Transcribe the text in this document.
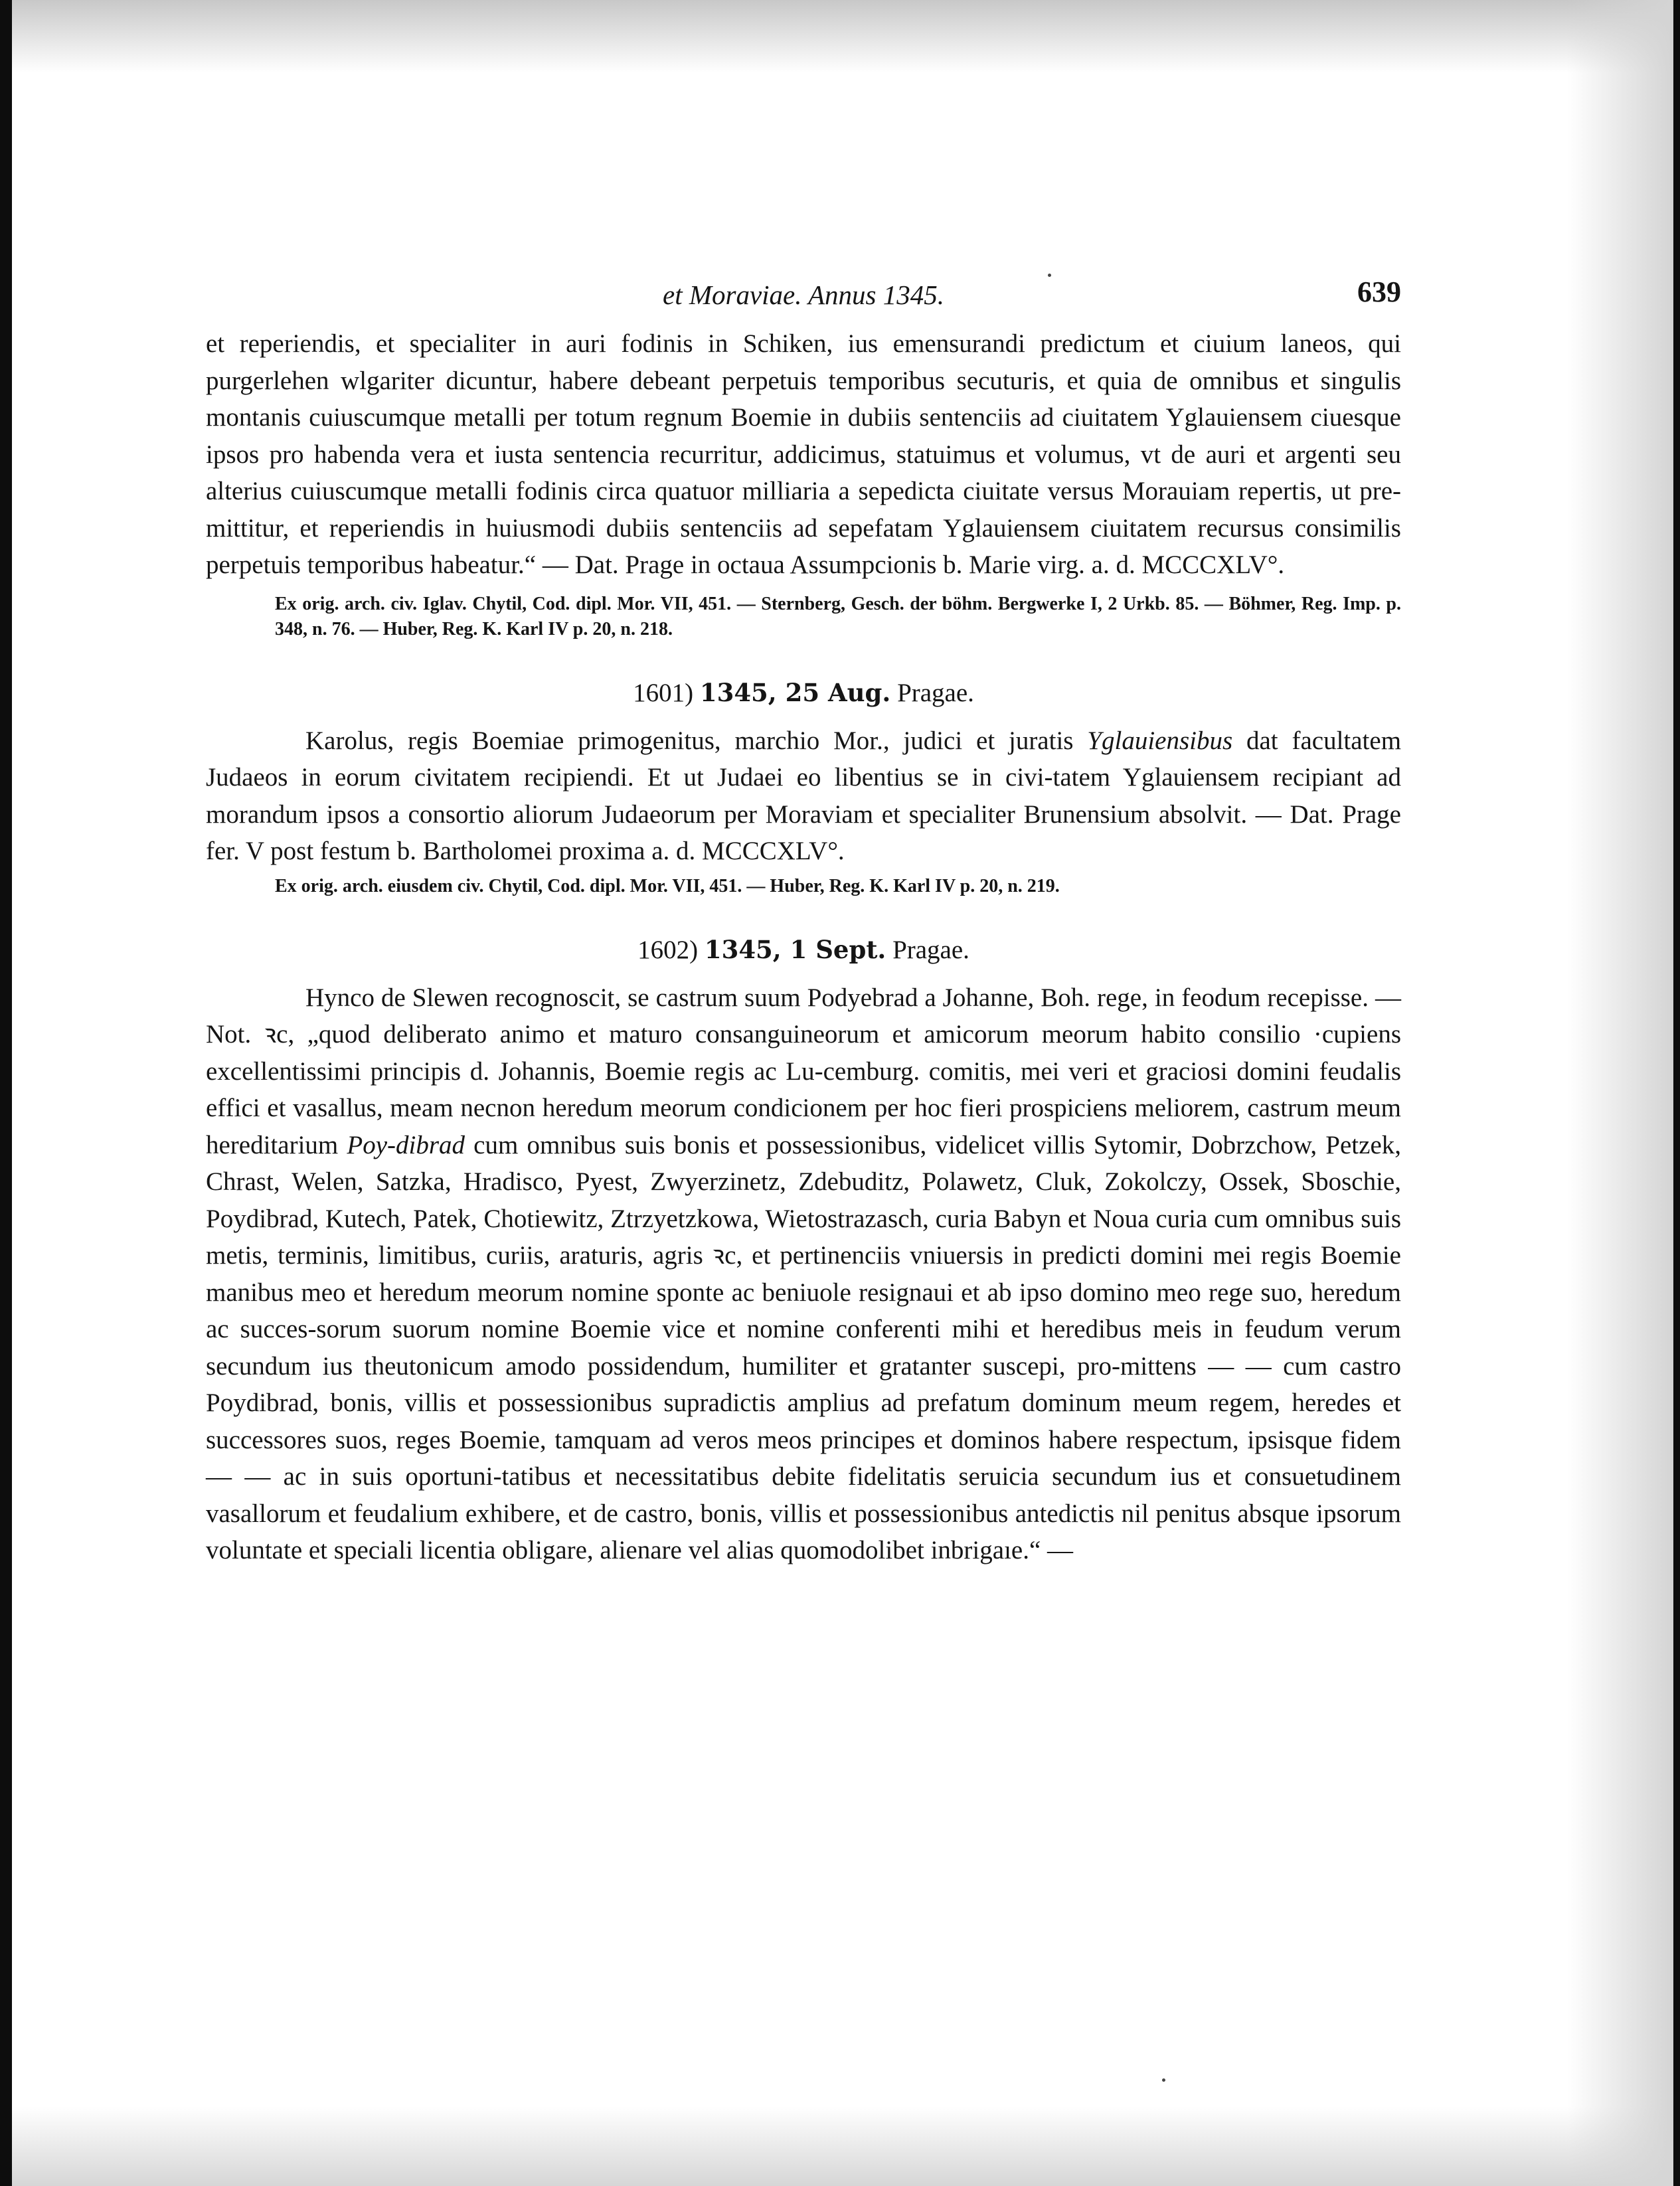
et Moraviae. Annus 1345.	639

et reperiendis, et specialiter in auri fodinis in Schiken, ius emensurandi predictum et ciuium laneos, qui purgerlehen wlgariter dicuntur, habere debeant perpetuis temporibus secuturis, et quia de omnibus et singulis montanis cuiuscumque metalli per totum regnum Boemie in dubiis sentenciis ad ciuitatem Yglauiensem ciuesque ipsos pro habenda vera et iusta sentencia recurritur, addicimus, statuimus et volumus, vt de auri et argenti seu alterius cuiuscumque metalli fodinis circa quatuor milliaria a sepedicta ciuitate versus Morauiam repertis, ut pre-mittitur, et reperiendis in huiusmodi dubiis sentenciis ad sepefatam Yglauiensem ciuitatem recursus consimilis perpetuis temporibus habeatur.“ — Dat. Prage in octaua Assumpcionis b. Marie virg. a. d. MCCCXLV°.

Ex orig. arch. civ. Iglav. Chytil, Cod. dipl. Mor. VII, 451. — Sternberg, Gesch. der böhm. Bergwerke I, 2 Urkb. 85. — Böhmer, Reg. Imp. p. 348, n. 76. — Huber, Reg. K. Karl IV p. 20, n. 218.

1601) 1345, 25 Aug. Pragae.

Karolus, regis Boemiae primogenitus, marchio Mor., judici et juratis Yglauiensibus dat facultatem Judaeos in eorum civitatem recipiendi. Et ut Judaei eo libentius se in civi-tatem Yglauiensem recipiant ad morandum ipsos a consortio aliorum Judaeorum per Moraviam et specialiter Brunensium absolvit. — Dat. Prage fer. V post festum b. Bartholomei proxima a. d. MCCCXLV°.

Ex orig. arch. eiusdem civ. Chytil, Cod. dipl. Mor. VII, 451. — Huber, Reg. K. Karl IV p. 20, n. 219.

1602) 1345, 1 Sept. Pragae.

Hynco de Slewen recognoscit, se castrum suum Podyebrad a Johanne, Boh. rege, in feodum recepisse. — Not. ꝛc, „quod deliberato animo et maturo consanguineorum et amicorum meorum habito consilio ·cupiens excellentissimi principis d. Johannis, Boemie regis ac Lu-cemburg. comitis, mei veri et graciosi domini feudalis effici et vasallus, meam necnon heredum meorum condicionem per hoc fieri prospiciens meliorem, castrum meum hereditarium Poy-dibrad cum omnibus suis bonis et possessionibus, videlicet villis Sytomir, Dobrzchow, Petzek, Chrast, Welen, Satzka, Hradisco, Pyest, Zwyerzinetz, Zdebuditz, Polawetz, Cluk, Zokolczy, Ossek, Sboschie, Poydibrad, Kutech, Patek, Chotiewitz, Ztrzyetzkowa, Wietostrazasch, curia Babyn et Noua curia cum omnibus suis metis, terminis, limitibus, curiis, araturis, agris ꝛc, et pertinenciis vniuersis in predicti domini mei regis Boemie manibus meo et heredum meorum nomine sponte ac beniuole resignaui et ab ipso domino meo rege suo, heredum ac succes-sorum suorum nomine Boemie vice et nomine conferenti mihi et heredibus meis in feudum verum secundum ius theutonicum amodo possidendum, humiliter et gratanter suscepi, pro-mittens — — cum castro Poydibrad, bonis, villis et possessionibus supradictis amplius ad prefatum dominum meum regem, heredes et successores suos, reges Boemie, tamquam ad veros meos principes et dominos habere respectum, ipsisque fidem — — ac in suis oportuni-tatibus et necessitatibus debite fidelitatis seruicia secundum ius et consuetudinem vasallorum et feudalium exhibere, et de castro, bonis, villis et possessionibus antedictis nil penitus absque ipsorum voluntate et speciali licentia obligare, alienare vel alias quomodolibet inbrigaıe.“ —
